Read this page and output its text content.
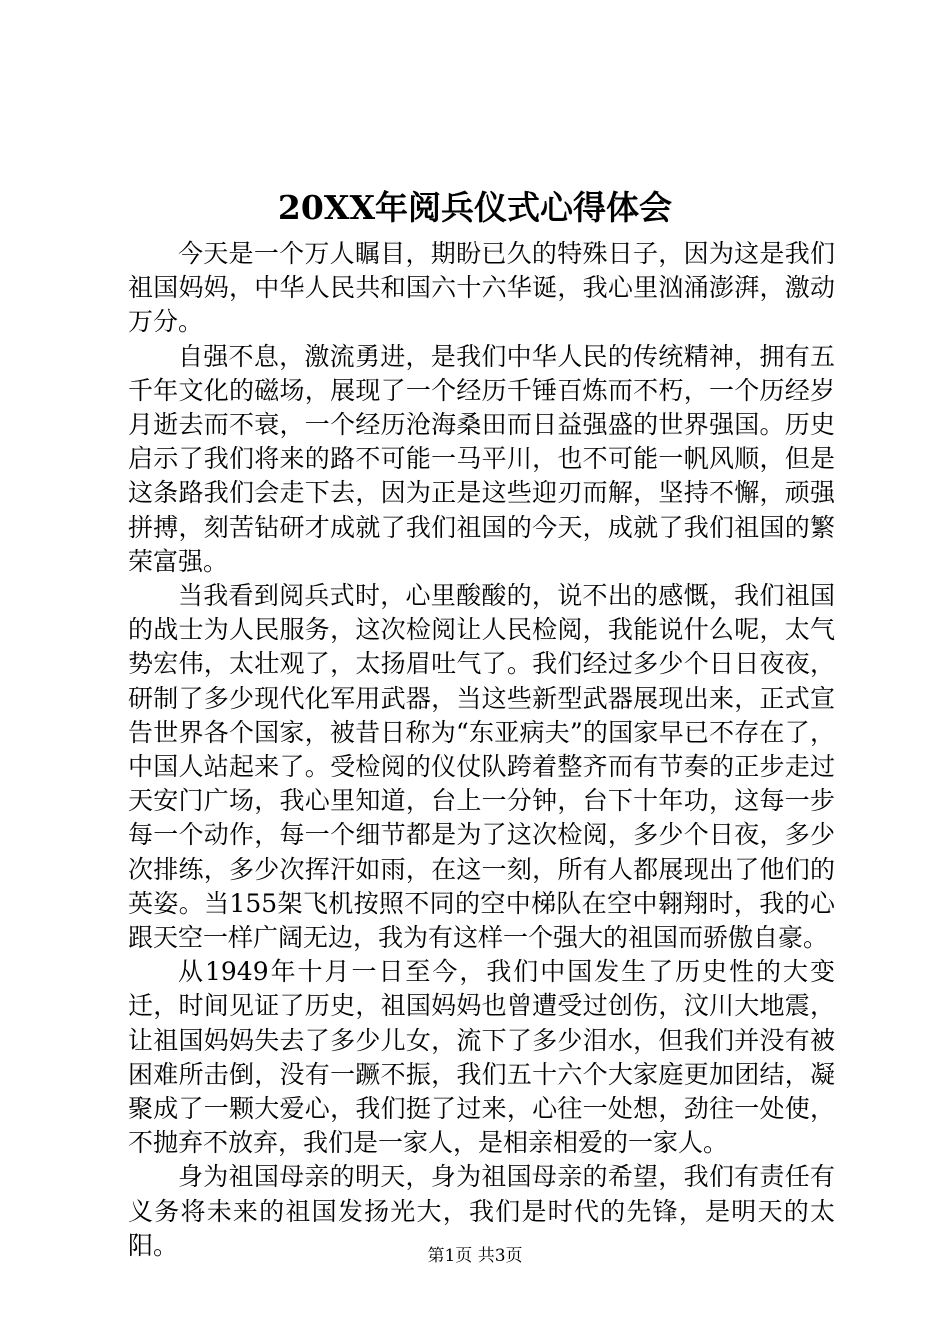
20XX年阅兵仪式心得体会

今天是一个万人瞩目，期盼已久的特殊日子，因为这是我们祖国妈妈，中华人民共和国六十六华诞，我心里汹涌澎湃，激动万分。

自强不息，激流勇进，是我们中华人民的传统精神，拥有五千年文化的磁场，展现了一个经历千锤百炼而不朽，一个历经岁月逝去而不衰，一个经历沧海桑田而日益强盛的世界强国。历史启示了我们将来的路不可能一马平川，也不可能一帆风顺，但是这条路我们会走下去，因为正是这些迎刃而解，坚持不懈，顽强拼搏，刻苦钻研才成就了我们祖国的今天，成就了我们祖国的繁荣富强。

当我看到阅兵式时，心里酸酸的，说不出的感慨，我们祖国的战士为人民服务，这次检阅让人民检阅，我能说什么呢，太气势宏伟，太壮观了，太扬眉吐气了。我们经过多少个日日夜夜，研制了多少现代化军用武器，当这些新型武器展现出来，正式宣告世界各个国家，被昔日称为“东亚病夫”的国家早已不存在了，中国人站起来了。受检阅的仪仗队跨着整齐而有节奏的正步走过天安门广场，我心里知道，台上一分钟，台下十年功，这每一步每一个动作，每一个细节都是为了这次检阅，多少个日夜，多少次排练，多少次挥汗如雨，在这一刻，所有人都展现出了他们的英姿。当155架飞机按照不同的空中梯队在空中翱翔时，我的心跟天空一样广阔无边，我为有这样一个强大的祖国而骄傲自豪。

从1949年十月一日至今，我们中国发生了历史性的大变迁，时间见证了历史，祖国妈妈也曾遭受过创伤，汶川大地震，让祖国妈妈失去了多少儿女，流下了多少泪水，但我们并没有被困难所击倒，没有一蹶不振，我们五十六个大家庭更加团结，凝聚成了一颗大爱心，我们挺了过来，心往一处想，劲往一处使，不抛弃不放弃，我们是一家人，是相亲相爱的一家人。

身为祖国母亲的明天，身为祖国母亲的希望，我们有责任有义务将未来的祖国发扬光大，我们是时代的先锋，是明天的太阳。	第1页 共3页
